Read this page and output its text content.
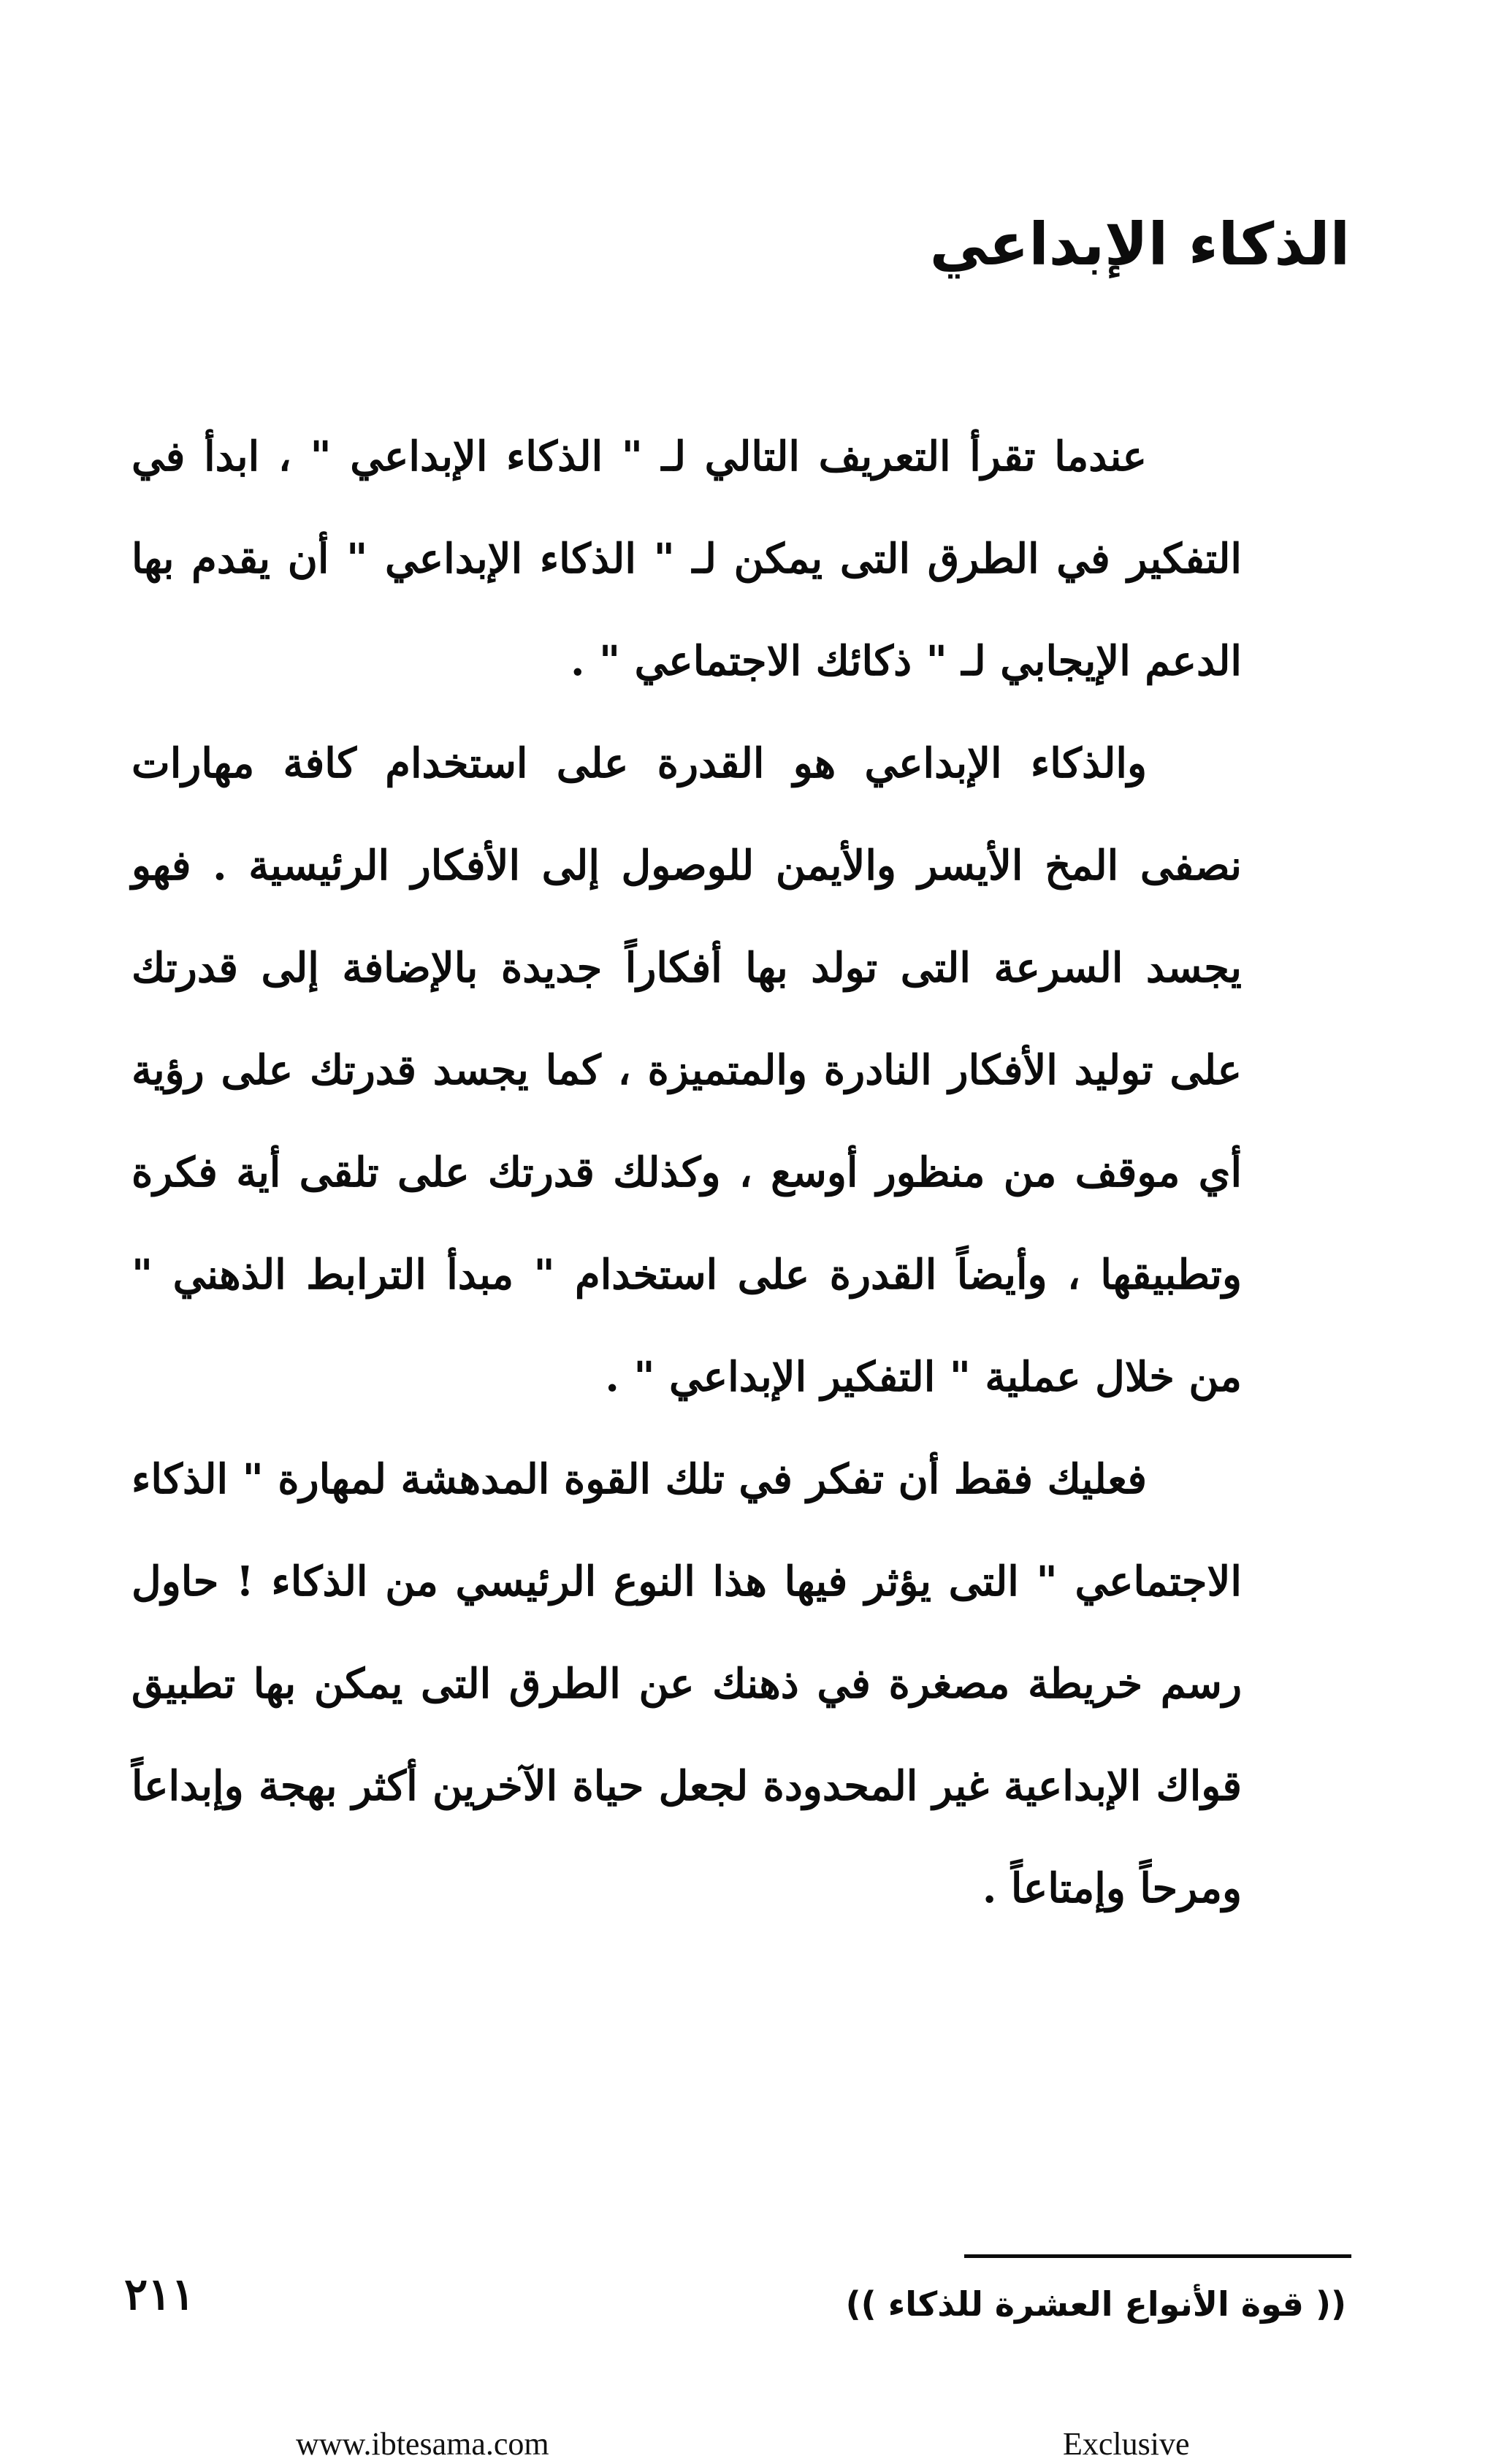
الذكاء الإبداعي

عندما تقرأ التعريف التالي لـ " الذكاء الإبداعي " ، ابدأ في التفكير في الطرق التى يمكن لـ " الذكاء الإبداعي " أن يقدم بها الدعم الإيجابي لـ " ذكائك الاجتماعي " .

والذكاء الإبداعي هو القدرة على استخدام كافة مهارات نصفى المخ الأيسر والأيمن للوصول إلى الأفكار الرئيسية . فهو يجسد السرعة التى تولد بها أفكاراً جديدة بالإضافة إلى قدرتك على توليد الأفكار النادرة والمتميزة ، كما يجسد قدرتك على رؤية أي موقف من منظور أوسع ، وكذلك قدرتك على تلقى أية فكرة وتطبيقها ، وأيضاً القدرة على استخدام " مبدأ الترابط الذهني " من خلال عملية " التفكير الإبداعي " .

فعليك فقط أن تفكر في تلك القوة المدهشة لمهارة " الذكاء الاجتماعي " التى يؤثر فيها هذا النوع الرئيسي من الذكاء ! حاول رسم خريطة مصغرة في ذهنك عن الطرق التى يمكن بها تطبيق قواك الإبداعية غير المحدودة لجعل حياة الآخرين أكثر بهجة وإبداعاً ومرحاً وإمتاعاً .

(( قوة الأنواع العشرة للذكاء ))
٢١١
www.ibtesama.com	Exclusive
